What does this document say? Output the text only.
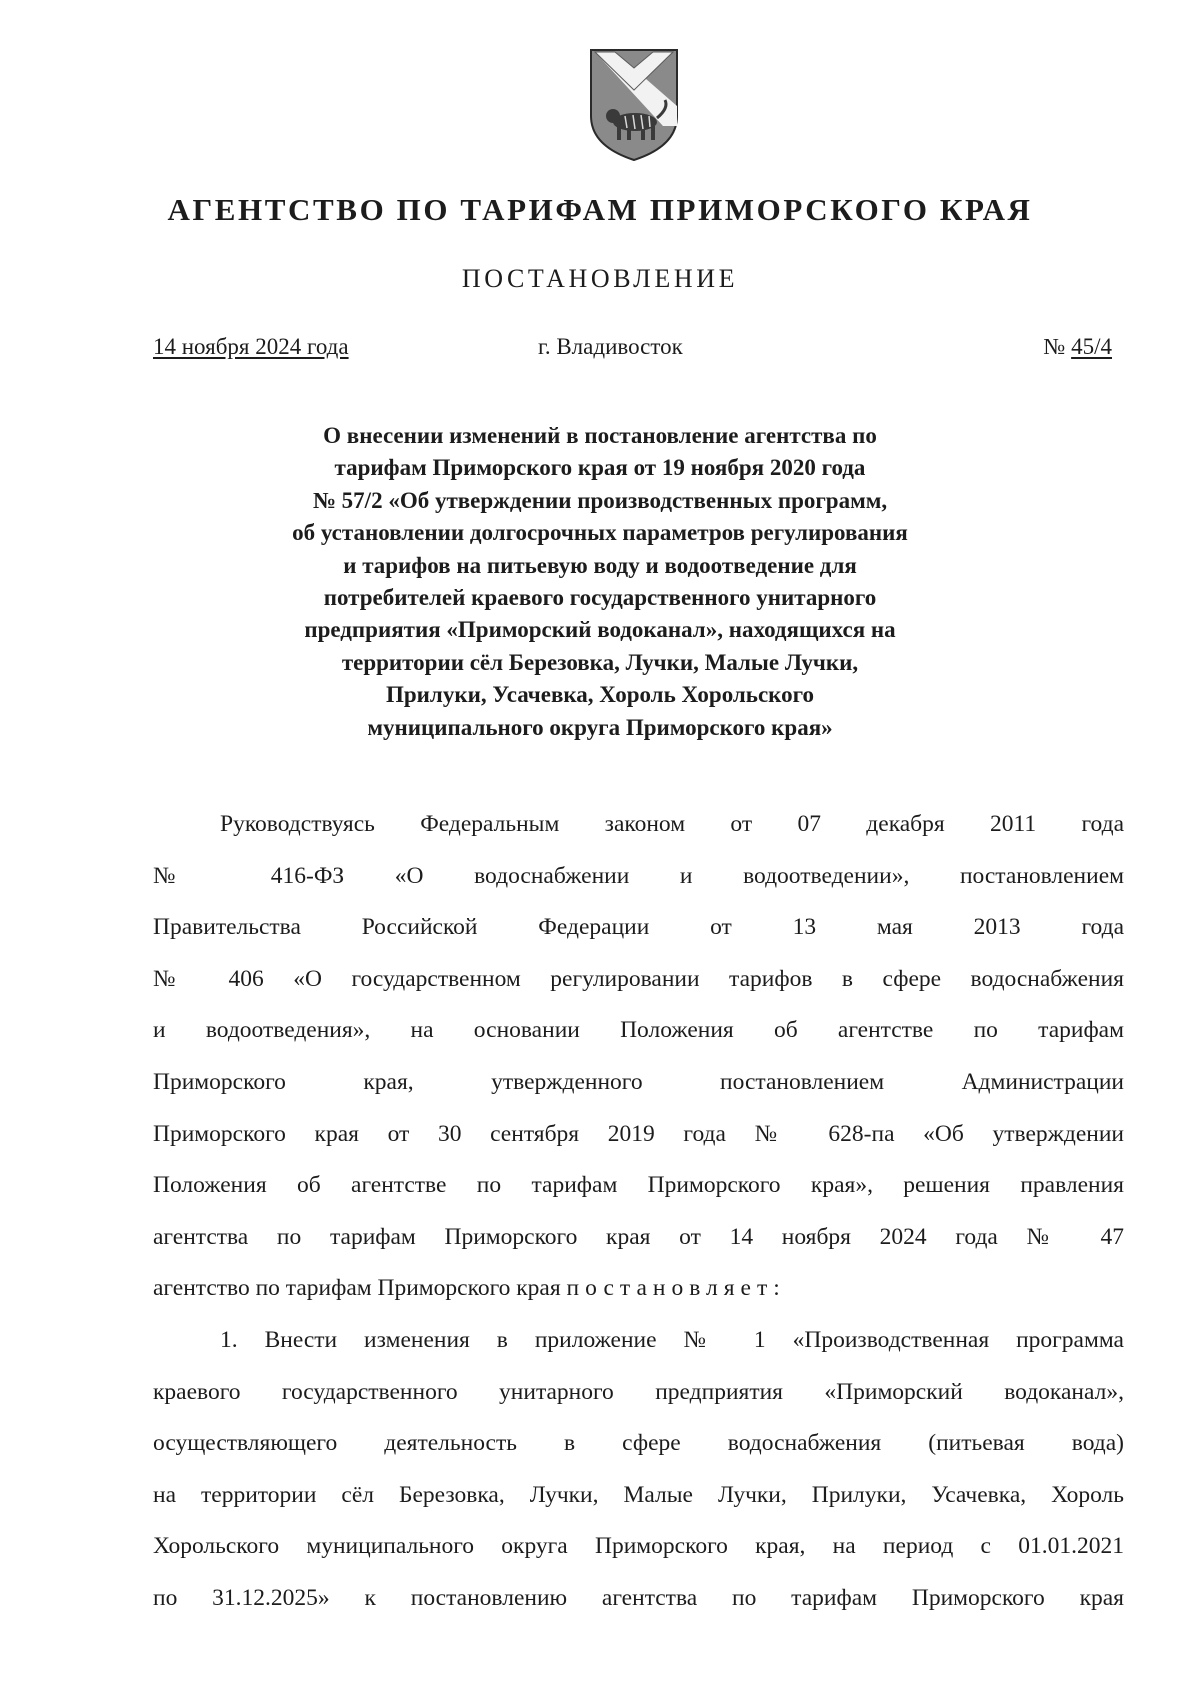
АГЕНТСТВО ПО ТАРИФАМ ПРИМОРСКОГО КРАЯ
ПОСТАНОВЛЕНИЕ
14 ноября 2024 года	г. Владивосток	№ 45/4
О внесении изменений в постановление агентства по
тарифам Приморского края от 19 ноября 2020 года
№ 57/2 «Об утверждении производственных программ,
об установлении долгосрочных параметров регулирования
и тарифов на питьевую воду и водоотведение для
потребителей краевого государственного унитарного
предприятия «Приморский водоканал», находящихся на
территории сёл Березовка, Лучки, Малые Лучки,
Прилуки, Усачевка, Хороль Хорольского
муниципального округа Приморского края»
Руководствуясь Федеральным законом от 07 декабря 2011 года
№ 416-ФЗ «О водоснабжении и водоотведении», постановлением
Правительства Российской Федерации от 13 мая 2013 года
№ 406 «О государственном регулировании тарифов в сфере водоснабжения
и водоотведения», на основании Положения об агентстве по тарифам
Приморского края, утвержденного постановлением Администрации
Приморского края от 30 сентября 2019 года № 628-па «Об утверждении
Положения об агентстве по тарифам Приморского края», решения правления
агентства по тарифам Приморского края от 14 ноября 2024 года № 47
агентство по тарифам Приморского края постановляет:
1. Внести изменения в приложение № 1 «Производственная программа
краевого государственного унитарного предприятия «Приморский водоканал»,
осуществляющего деятельность в сфере водоснабжения (питьевая вода)
на территории сёл Березовка, Лучки, Малые Лучки, Прилуки, Усачевка, Хороль
Хорольского муниципального округа Приморского края, на период с 01.01.2021
по 31.12.2025» к постановлению агентства по тарифам Приморского края
